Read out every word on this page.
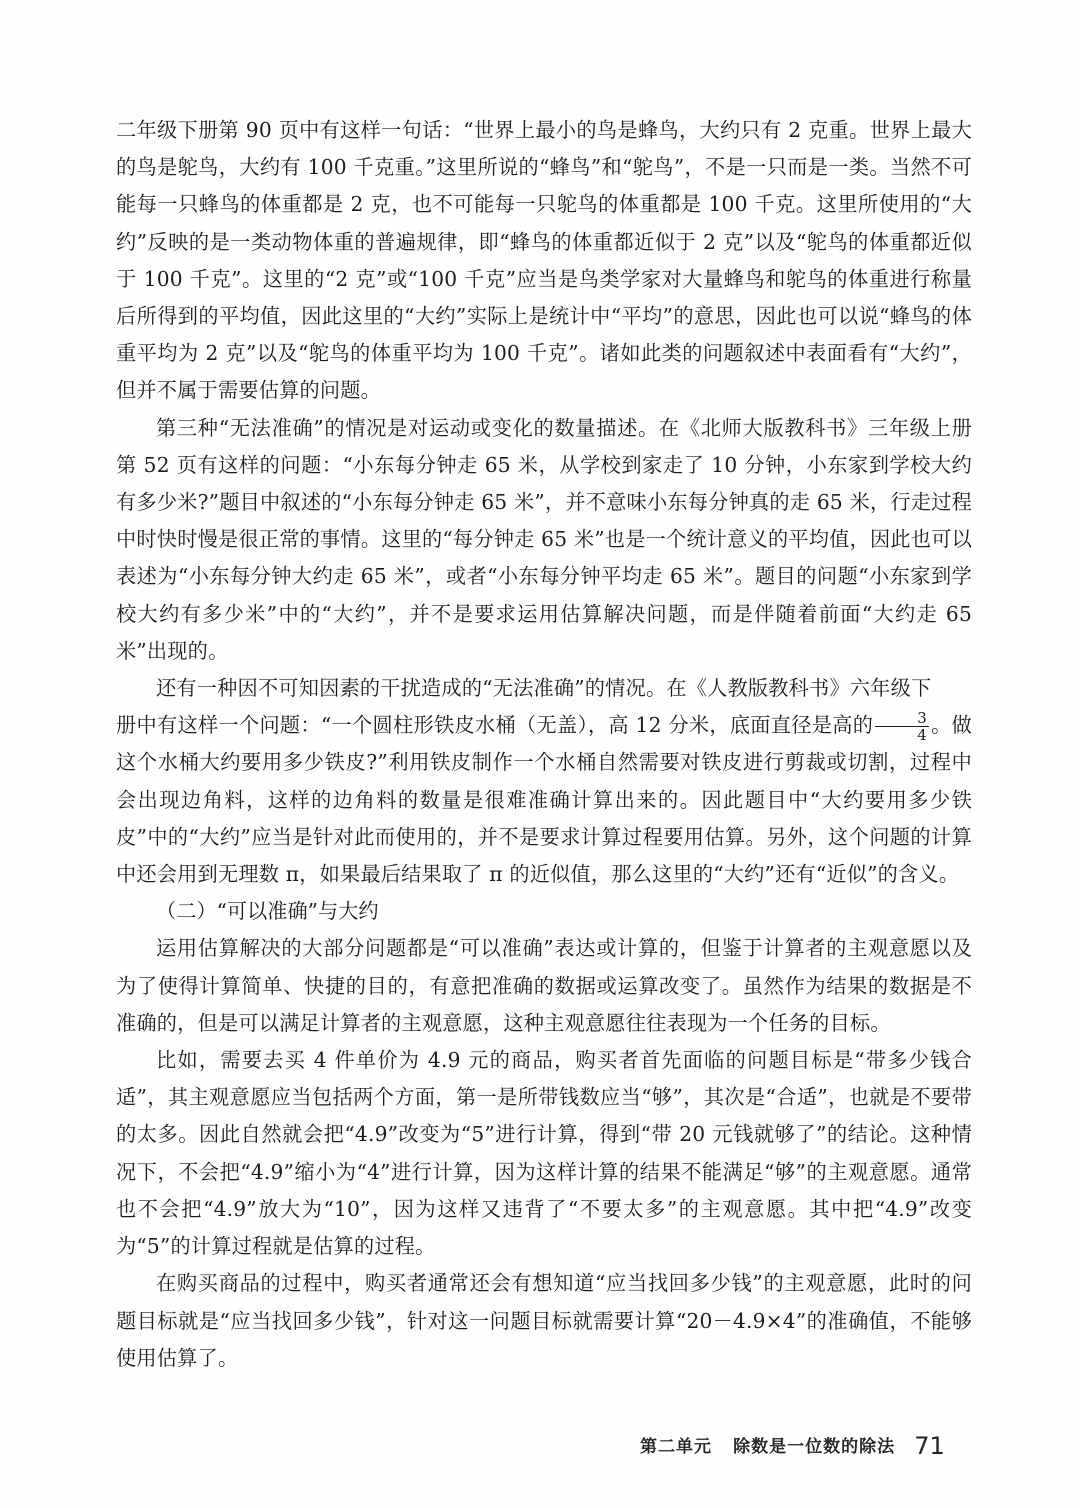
二年级下册第 90 页中有这样一句话：“世界上最小的鸟是蜂鸟，大约只有 2 克重。世界上最大的鸟是鸵鸟，大约有 100 千克重。”这里所说的“蜂鸟”和“鸵鸟”，不是一只而是一类。当然不可能每一只蜂鸟的体重都是 2 克，也不可能每一只鸵鸟的体重都是 100 千克。这里所使用的“大约”反映的是一类动物体重的普遍规律，即“蜂鸟的体重都近似于 2 克”以及“鸵鸟的体重都近似于 100 千克”。这里的“2 克”或“100 千克”应当是鸟类学家对大量蜂鸟和鸵鸟的体重进行称量后所得到的平均值，因此这里的“大约”实际上是统计中“平均”的意思，因此也可以说“蜂鸟的体重平均为 2 克”以及“鸵鸟的体重平均为 100 千克”。诸如此类的问题叙述中表面看有“大约”，但并不属于需要估算的问题。

第三种“无法准确”的情况是对运动或变化的数量描述。在《北师大版教科书》三年级上册第 52 页有这样的问题：“小东每分钟走 65 米，从学校到家走了 10 分钟，小东家到学校大约有多少米?”题目中叙述的“小东每分钟走 65 米”，并不意味小东每分钟真的走 65 米，行走过程中时快时慢是很正常的事情。这里的“每分钟走 65 米”也是一个统计意义的平均值，因此也可以表述为“小东每分钟大约走 65 米”，或者“小东每分钟平均走 65 米”。题目的问题“小东家到学校大约有多少米”中的“大约”，并不是要求运用估算解决问题，而是伴随着前面“大约走 65 米”出现的。

还有一种因不可知因素的干扰造成的“无法准确”的情况。在《人教版教科书》六年级下
册中有这样一个问题：“一个圆柱形铁皮水桶（无盖），高 12 分米，底面直径是高的 $\frac{3}{4}$ 。做这个水桶大约要用多少铁皮?”利用铁皮制作一个水桶自然需要对铁皮进行剪裁或切割，过程中会出现边角料，这样的边角料的数量是很难准确计算出来的。因此题目中“大约要用多少铁皮”中的“大约”应当是针对此而使用的，并不是要求计算过程要用估算。另外，这个问题的计算中还会用到无理数 π，如果最后结果取了 π 的近似值，那么这里的“大约”还有“近似”的含义。

（二）“可以准确”与大约

运用估算解决的大部分问题都是“可以准确”表达或计算的，但鉴于计算者的主观意愿以及为了使得计算简单、快捷的目的，有意把准确的数据或运算改变了。虽然作为结果的数据是不准确的，但是可以满足计算者的主观意愿，这种主观意愿往往表现为一个任务的目标。

比如，需要去买 4 件单价为 4.9 元的商品，购买者首先面临的问题目标是“带多少钱合适”，其主观意愿应当包括两个方面，第一是所带钱数应当“够”，其次是“合适”，也就是不要带的太多。因此自然就会把“4.9”改变为“5”进行计算，得到“带 20 元钱就够了”的结论。这种情况下，不会把“4.9”缩小为“4”进行计算，因为这样计算的结果不能满足“够”的主观意愿。通常也不会把“4.9”放大为“10”，因为这样又违背了“不要太多”的主观意愿。其中把“4.9”改变为“5”的计算过程就是估算的过程。

在购买商品的过程中，购买者通常还会有想知道“应当找回多少钱”的主观意愿，此时的问题目标就是“应当找回多少钱”，针对这一问题目标就需要计算“20－4.9×4”的准确值，不能够使用估算了。

第二单元 除数是一位数的除法 71
